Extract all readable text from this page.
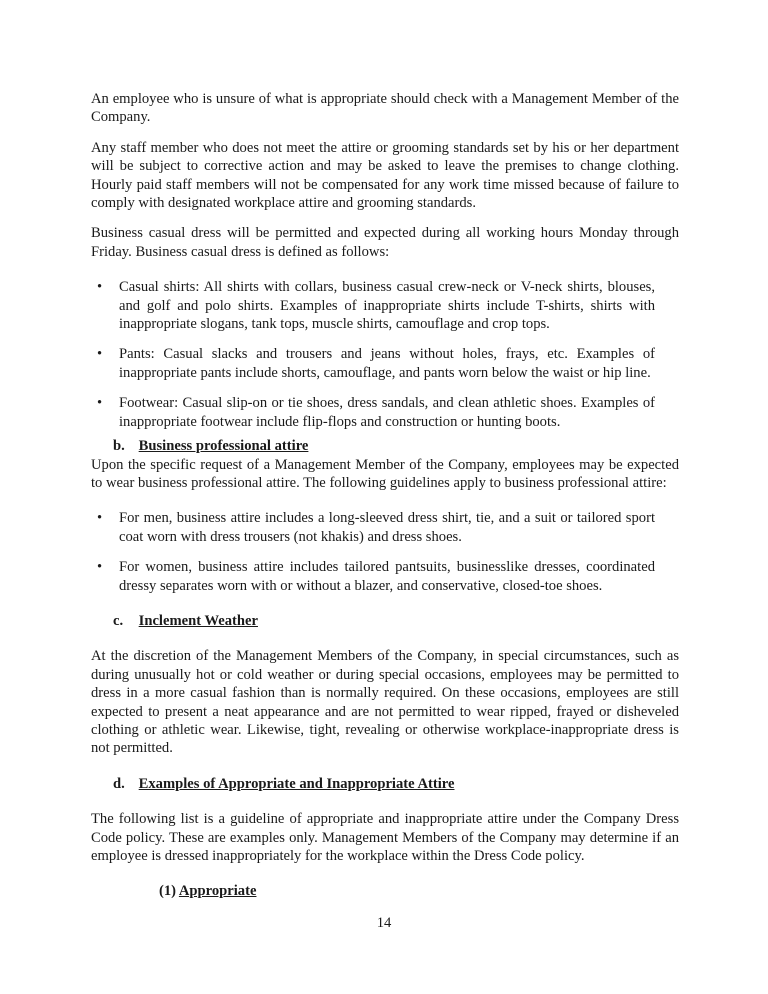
An employee who is unsure of what is appropriate should check with a Management Member of the Company.

Any staff member who does not meet the attire or grooming standards set by his or her department will be subject to corrective action and may be asked to leave the premises to change clothing. Hourly paid staff members will not be compensated for any work time missed because of failure to comply with designated workplace attire and grooming standards.

Business casual dress will be permitted and expected during all working hours Monday through Friday. Business casual dress is defined as follows:

• Casual shirts: All shirts with collars, business casual crew-neck or V-neck shirts, blouses, and golf and polo shirts. Examples of inappropriate shirts include T-shirts, shirts with inappropriate slogans, tank tops, muscle shirts, camouflage and crop tops.
• Pants: Casual slacks and trousers and jeans without holes, frays, etc. Examples of inappropriate pants include shorts, camouflage, and pants worn below the waist or hip line.
• Footwear: Casual slip-on or tie shoes, dress sandals, and clean athletic shoes. Examples of inappropriate footwear include flip-flops and construction or hunting boots.
b. Business professional attire

Upon the specific request of a Management Member of the Company, employees may be expected to wear business professional attire. The following guidelines apply to business professional attire:

• For men, business attire includes a long-sleeved dress shirt, tie, and a suit or tailored sport coat worn with dress trousers (not khakis) and dress shoes.
• For women, business attire includes tailored pantsuits, businesslike dresses, coordinated dressy separates worn with or without a blazer, and conservative, closed-toe shoes.
c. Inclement Weather

At the discretion of the Management Members of the Company, in special circumstances, such as during unusually hot or cold weather or during special occasions, employees may be permitted to dress in a more casual fashion than is normally required. On these occasions, employees are still expected to present a neat appearance and are not permitted to wear ripped, frayed or disheveled clothing or athletic wear. Likewise, tight, revealing or otherwise workplace-inappropriate dress is not permitted.

d. Examples of Appropriate and Inappropriate Attire

The following list is a guideline of appropriate and inappropriate attire under the Company Dress Code policy. These are examples only. Management Members of the Company may determine if an employee is dressed inappropriately for the workplace within the Dress Code policy.

(1) Appropriate
14
